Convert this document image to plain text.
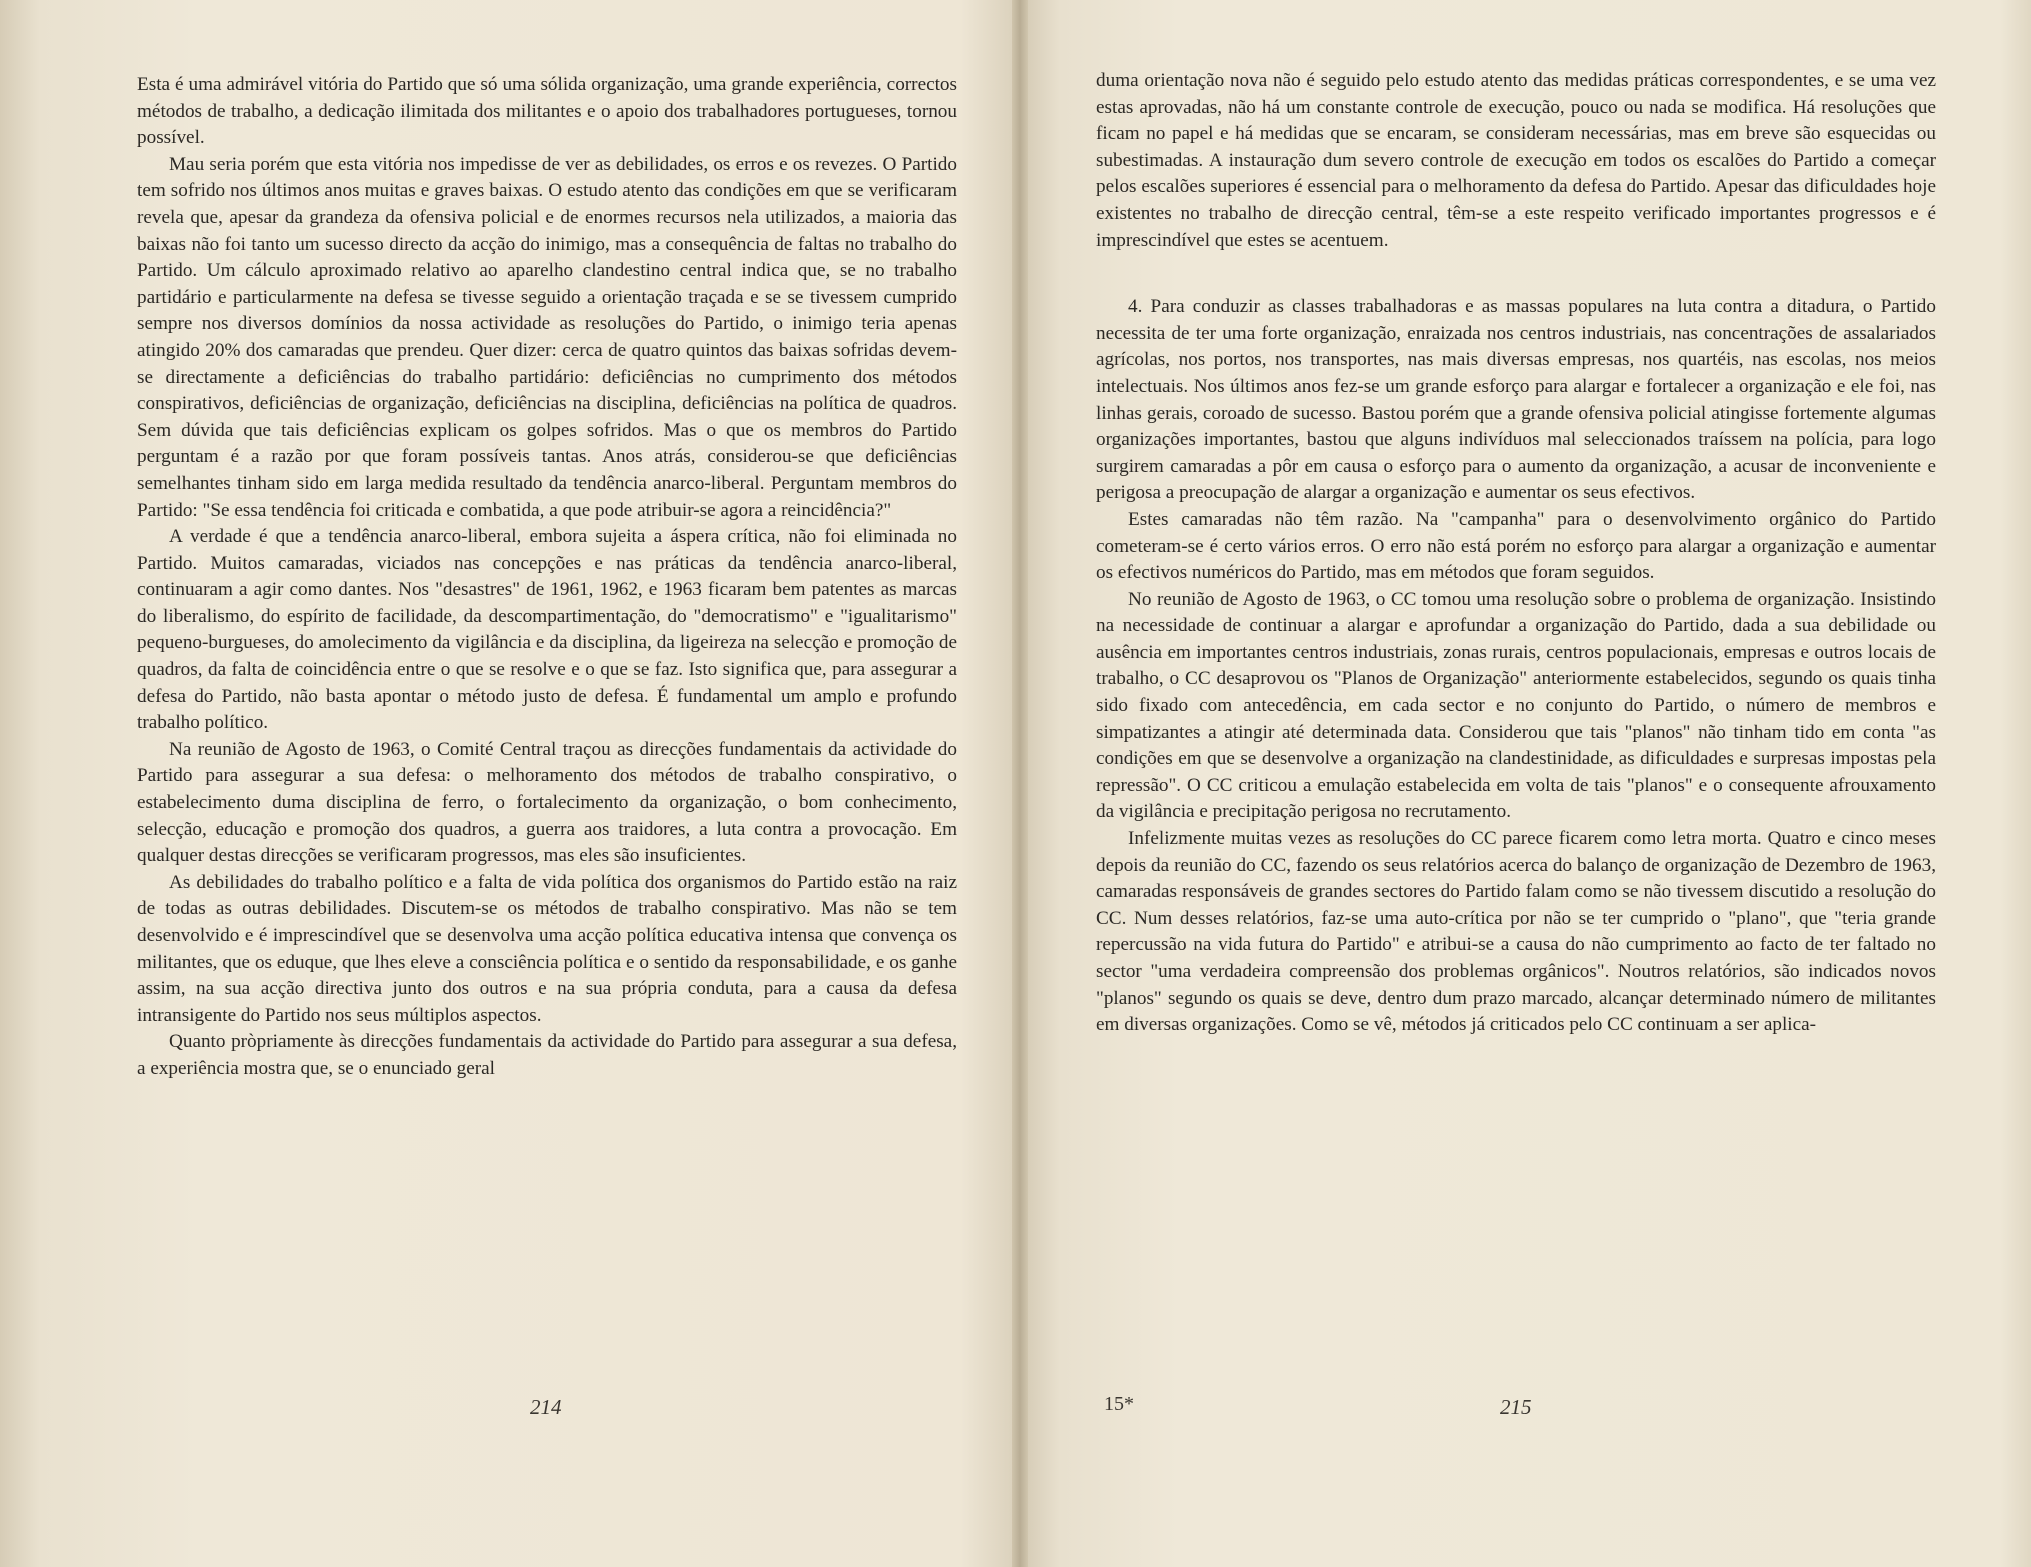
Esta é uma admirável vitória do Partido que só uma sólida organização, uma grande experiência, correctos métodos de trabalho, a dedicação ilimitada dos militantes e o apoio dos trabalhadores portugueses, tornou possível.

Mau seria porém que esta vitória nos impedisse de ver as debilidades, os erros e os revezes. O Partido tem sofrido nos últimos anos muitas e graves baixas. O estudo atento das condições em que se verificaram revela que, apesar da grandeza da ofensiva policial e de enormes recursos nela utilizados, a maioria das baixas não foi tanto um sucesso directo da acção do inimigo, mas a consequência de faltas no trabalho do Partido. Um cálculo aproximado relativo ao aparelho clandestino central indica que, se no trabalho partidário e particularmente na defesa se tivesse seguido a orientação traçada e se se tivessem cumprido sempre nos diversos domínios da nossa actividade as resoluções do Partido, o inimigo teria apenas atingido 20% dos camaradas que prendeu. Quer dizer: cerca de quatro quintos das baixas sofridas devem-se directamente a deficiências do trabalho partidário: deficiências no cumprimento dos métodos conspirativos, deficiências de organização, deficiências na disciplina, deficiências na política de quadros. Sem dúvida que tais deficiências explicam os golpes sofridos. Mas o que os membros do Partido perguntam é a razão por que foram possíveis tantas. Anos atrás, considerou-se que deficiências semelhantes tinham sido em larga medida resultado da tendência anarco-liberal. Perguntam membros do Partido: "Se essa tendência foi criticada e combatida, a que pode atribuir-se agora a reincidência?"

A verdade é que a tendência anarco-liberal, embora sujeita a áspera crítica, não foi eliminada no Partido. Muitos camaradas, viciados nas concepções e nas práticas da tendência anarco-liberal, continuaram a agir como dantes. Nos "desastres" de 1961, 1962, e 1963 ficaram bem patentes as marcas do liberalismo, do espírito de facilidade, da descompartimentação, do "democratismo" e "igualitarismo" pequeno-burgueses, do amolecimento da vigilância e da disciplina, da ligeireza na selecção e promoção de quadros, da falta de coincidência entre o que se resolve e o que se faz. Isto significa que, para assegurar a defesa do Partido, não basta apontar o método justo de defesa. É fundamental um amplo e profundo trabalho político.

Na reunião de Agosto de 1963, o Comité Central traçou as direcções fundamentais da actividade do Partido para assegurar a sua defesa: o melhoramento dos métodos de trabalho conspirativo, o estabelecimento duma disciplina de ferro, o fortalecimento da organização, o bom conhecimento, selecção, educação e promoção dos quadros, a guerra aos traidores, a luta contra a provocação. Em qualquer destas direcções se verificaram progressos, mas eles são insuficientes.

As debilidades do trabalho político e a falta de vida política dos organismos do Partido estão na raiz de todas as outras debilidades. Discutem-se os métodos de trabalho conspirativo. Mas não se tem desenvolvido e é imprescindível que se desenvolva uma acção política educativa intensa que convença os militantes, que os eduque, que lhes eleve a consciência política e o sentido da responsabilidade, e os ganhe assim, na sua acção directiva junto dos outros e na sua própria conduta, para a causa da defesa intransigente do Partido nos seus múltiplos aspectos.

Quanto pròpriamente às direcções fundamentais da actividade do Partido para assegurar a sua defesa, a experiência mostra que, se o enunciado geral

214

duma orientação nova não é seguido pelo estudo atento das medidas práticas correspondentes, e se uma vez estas aprovadas, não há um constante controle de execução, pouco ou nada se modifica. Há resoluções que ficam no papel e há medidas que se encaram, se consideram necessárias, mas em breve são esquecidas ou subestimadas. A instauração dum severo controle de execução em todos os escalões do Partido a começar pelos escalões superiores é essencial para o melhoramento da defesa do Partido. Apesar das dificuldades hoje existentes no trabalho de direcção central, têm-se a este respeito verificado importantes progressos e é imprescindível que estes se acentuem.

4. Para conduzir as classes trabalhadoras e as massas populares na luta contra a ditadura, o Partido necessita de ter uma forte organização, enraizada nos centros industriais, nas concentrações de assalariados agrícolas, nos portos, nos transportes, nas mais diversas empresas, nos quartéis, nas escolas, nos meios intelectuais. Nos últimos anos fez-se um grande esforço para alargar e fortalecer a organização e ele foi, nas linhas gerais, coroado de sucesso. Bastou porém que a grande ofensiva policial atingisse fortemente algumas organizações importantes, bastou que alguns indivíduos mal seleccionados traíssem na polícia, para logo surgirem camaradas a pôr em causa o esforço para o aumento da organização, a acusar de inconveniente e perigosa a preocupação de alargar a organização e aumentar os seus efectivos.

Estes camaradas não têm razão. Na "campanha" para o desenvolvimento orgânico do Partido cometeram-se é certo vários erros. O erro não está porém no esforço para alargar a organização e aumentar os efectivos numéricos do Partido, mas em métodos que foram seguidos.

No reunião de Agosto de 1963, o CC tomou uma resolução sobre o problema de organização. Insistindo na necessidade de continuar a alargar e aprofundar a organização do Partido, dada a sua debilidade ou ausência em importantes centros industriais, zonas rurais, centros populacionais, empresas e outros locais de trabalho, o CC desaprovou os "Planos de Organização" anteriormente estabelecidos, segundo os quais tinha sido fixado com antecedência, em cada sector e no conjunto do Partido, o número de membros e simpatizantes a atingir até determinada data. Considerou que tais "planos" não tinham tido em conta "as condições em que se desenvolve a organização na clandestinidade, as dificuldades e surpresas impostas pela repressão". O CC criticou a emulação estabelecida em volta de tais "planos" e o consequente afrouxamento da vigilância e precipitação perigosa no recrutamento.

Infelizmente muitas vezes as resoluções do CC parece ficarem como letra morta. Quatro e cinco meses depois da reunião do CC, fazendo os seus relatórios acerca do balanço de organização de Dezembro de 1963, camaradas responsáveis de grandes sectores do Partido falam como se não tivessem discutido a resolução do CC. Num desses relatórios, faz-se uma auto-crítica por não se ter cumprido o "plano", que "teria grande repercussão na vida futura do Partido" e atribui-se a causa do não cumprimento ao facto de ter faltado no sector "uma verdadeira compreensão dos problemas orgânicos". Noutros relatórios, são indicados novos "planos" segundo os quais se deve, dentro dum prazo marcado, alcançar determinado número de militantes em diversas organizações. Como se vê, métodos já criticados pelo CC continuam a ser aplica-

15*	215
